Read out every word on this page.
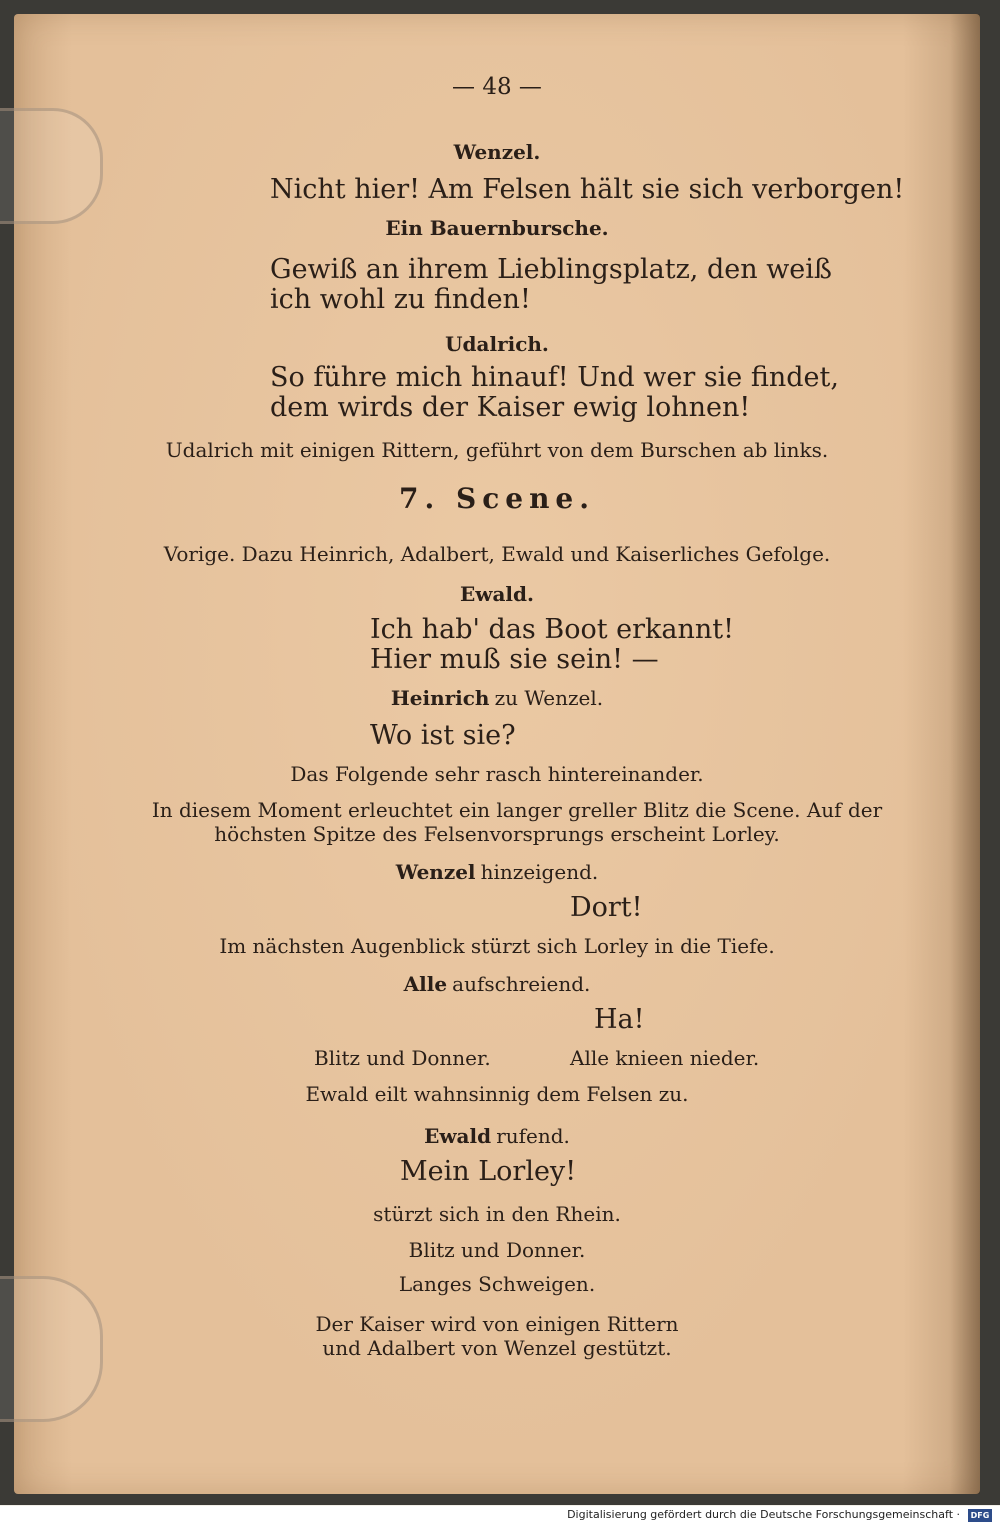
— 48 —
Wenzel.
Nicht hier! Am Felsen hält sie sich verborgen!
Ein Bauernbursche.
Gewiß an ihrem Lieblingsplatz, den weiß
ich wohl zu finden!
Udalrich.
So führe mich hinauf! Und wer sie findet,
dem wirds der Kaiser ewig lohnen!
Udalrich mit einigen Rittern, geführt von dem Burschen ab links.
7. Scene.
Vorige. Dazu Heinrich, Adalbert, Ewald und Kaiserliches Gefolge.
Ewald.
Ich hab' das Boot erkannt!
Hier muß sie sein! —
Heinrich zu Wenzel.
Wo ist sie?
Das Folgende sehr rasch hintereinander.
In diesem Moment erleuchtet ein langer greller Blitz die Scene. Auf der
höchsten Spitze des Felsenvorsprungs erscheint Lorley.
Wenzel hinzeigend.
Dort!
Im nächsten Augenblick stürzt sich Lorley in die Tiefe.
Alle aufschreiend.
Ha!
Blitz und Donner.	Alle knieen nieder.
Ewald eilt wahnsinnig dem Felsen zu.
Ewald rufend.
Mein Lorley!
stürzt sich in den Rhein.
Blitz und Donner.
Langes Schweigen.
Der Kaiser wird von einigen Rittern
und Adalbert von Wenzel gestützt.
Digitalisierung gefördert durch die Deutsche Forschungsgemeinschaft ·	DFG
